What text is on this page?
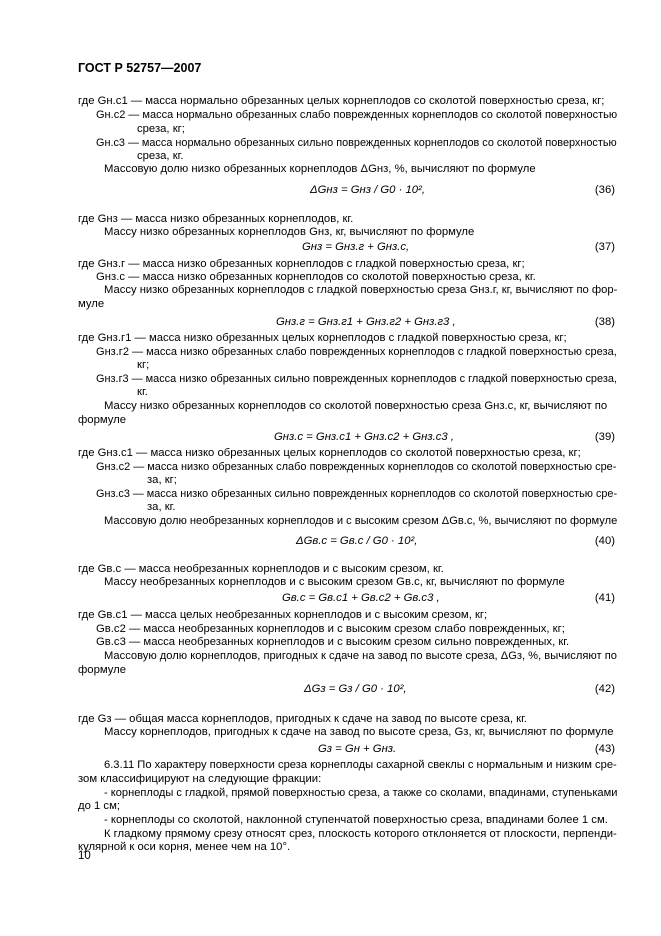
ГОСТ Р 52757—2007
где Gн.с1 — масса нормально обрезанных целых корнеплодов со сколотой поверхностью среза, кг;
Gн.с2 — масса нормально обрезанных слабо поврежденных корнеплодов со сколотой поверхностью
среза, кг;
Gн.с3 — масса нормально обрезанных сильно поврежденных корнеплодов со сколотой поверхностью
среза, кг.
Массовую долю низко обрезанных корнеплодов ΔGнз, %, вычисляют по формуле
ΔGнз = Gнз / G0 · 10²,	(36)
где Gнз — масса низко обрезанных корнеплодов, кг.
Массу низко обрезанных корнеплодов Gнз, кг, вычисляют по формуле
Gнз = Gнз.г + Gнз.с,	(37)
где Gнз.г — масса низко обрезанных корнеплодов с гладкой поверхностью среза, кг;
Gнз.с — масса низко обрезанных корнеплодов со сколотой поверхностью среза, кг.
Массу низко обрезанных корнеплодов с гладкой поверхностью среза Gнз.г, кг, вычисляют по фор-
муле
Gнз.г = Gнз.г1 + Gнз.г2 + Gнз.г3 ,	(38)
где Gнз.г1 — масса низко обрезанных целых корнеплодов с гладкой поверхностью среза, кг;
Gнз.г2 — масса низко обрезанных слабо поврежденных корнеплодов с гладкой поверхностью среза,
кг;
Gнз.г3 — масса низко обрезанных сильно поврежденных корнеплодов с гладкой поверхностью среза,
кг.
Массу низко обрезанных корнеплодов со сколотой поверхностью среза Gнз.с, кг, вычисляют по
формуле
Gнз.с = Gнз.с1 + Gнз.с2 + Gнз.с3 ,	(39)
где Gнз.с1 — масса низко обрезанных целых корнеплодов со сколотой поверхностью среза, кг;
Gнз.с2 — масса низко обрезанных слабо поврежденных корнеплодов со сколотой поверхностью сре-
за, кг;
Gнз.с3 — масса низко обрезанных сильно поврежденных корнеплодов со сколотой поверхностью сре-
за, кг.
Массовую долю необрезанных корнеплодов и с высоким срезом ΔGв.с, %, вычисляют по формуле
ΔGв.с = Gв.с / G0 · 10²,	(40)
где Gв.с — масса необрезанных корнеплодов и с высоким срезом, кг.
Массу необрезанных корнеплодов и с высоким срезом Gв.с, кг, вычисляют по формуле
Gв.с = Gв.с1 + Gв.с2 + Gв.с3 ,	(41)
где Gв.с1 — масса целых необрезанных корнеплодов и с высоким срезом, кг;
Gв.с2 — масса необрезанных корнеплодов и с высоким срезом слабо поврежденных, кг;
Gв.с3 — масса необрезанных корнеплодов и с высоким срезом сильно поврежденных, кг.
Массовую долю корнеплодов, пригодных к сдаче на завод по высоте среза, ΔGз, %, вычисляют по
формуле
ΔGз = Gз / G0 · 10²,	(42)
где Gз — общая масса корнеплодов, пригодных к сдаче на завод по высоте среза, кг.
Массу корнеплодов, пригодных к сдаче на завод по высоте среза, Gз, кг, вычисляют по формуле
Gз = Gн + Gнз.	(43)
6.3.11 По характеру поверхности среза корнеплоды сахарной свеклы с нормальным и низким сре-
зом классифицируют на следующие фракции:
- корнеплоды с гладкой, прямой поверхностью среза, а также со сколами, впадинами, ступеньками
до 1 см;
- корнеплоды со сколотой, наклонной ступенчатой поверхностью среза, впадинами более 1 см.
К гладкому прямому срезу относят срез, плоскость которого отклоняется от плоскости, перпенди-
кулярной к оси корня, менее чем на 10°.
10
